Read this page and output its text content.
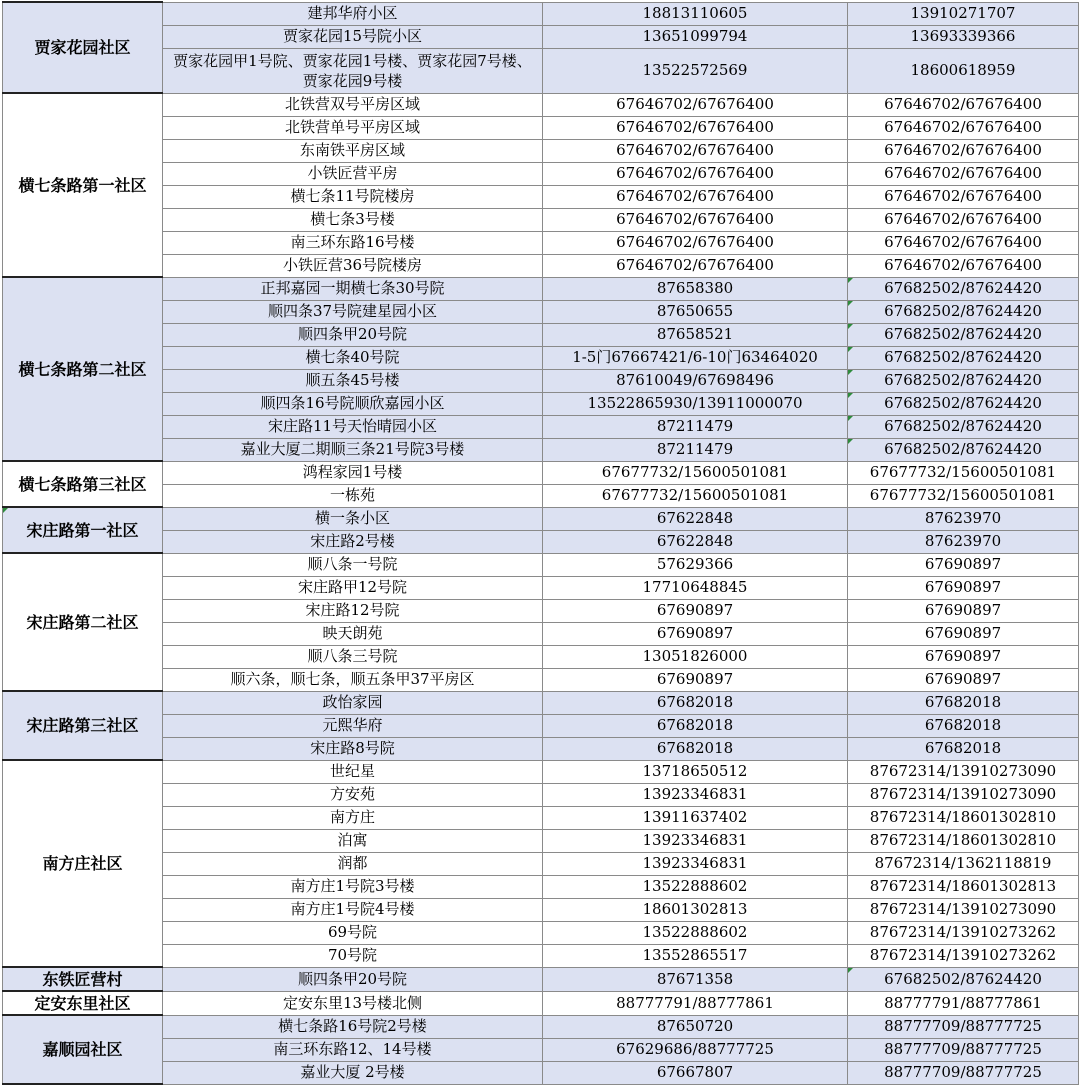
贾家花园社区	建邦华府小区	18813110605	13910271707
	贾家花园15号院小区	13651099794	13693339366
	贾家花园甲1号院、贾家花园1号楼、贾家花园7号楼、贾家花园9号楼	13522572569	18600618959
横七条路第一社区	北铁营双号平房区域	67646702/67676400	67646702/67676400
	北铁营单号平房区域	67646702/67676400	67646702/67676400
	东南铁平房区域	67646702/67676400	67646702/67676400
	小铁匠营平房	67646702/67676400	67646702/67676400
	横七条11号院楼房	67646702/67676400	67646702/67676400
	横七条3号楼	67646702/67676400	67646702/67676400
	南三环东路16号楼	67646702/67676400	67646702/67676400
	小铁匠营36号院楼房	67646702/67676400	67646702/67676400
横七条路第二社区	正邦嘉园一期横七条30号院	87658380	67682502/87624420
	顺四条37号院建星园小区	87650655	67682502/87624420
	顺四条甲20号院	87658521	67682502/87624420
	横七条40号院	1-5门67667421/6-10门63464020	67682502/87624420
	顺五条45号楼	87610049/67698496	67682502/87624420
	顺四条16号院顺欣嘉园小区	13522865930/13911000070	67682502/87624420
	宋庄路11号天怡晴园小区	87211479	67682502/87624420
	嘉业大厦二期顺三条21号院3号楼	87211479	67682502/87624420
横七条路第三社区	鸿程家园1号楼	67677732/15600501081	67677732/15600501081
	一栋苑	67677732/15600501081	67677732/15600501081
宋庄路第一社区	横一条小区	67622848	87623970
	宋庄路2号楼	67622848	87623970
宋庄路第二社区	顺八条一号院	57629366	67690897
	宋庄路甲12号院	17710648845	67690897
	宋庄路12号院	67690897	67690897
	映天朗苑	67690897	67690897
	顺八条三号院	13051826000	67690897
	顺六条，顺七条，顺五条甲37平房区	67690897	67690897
宋庄路第三社区	政怡家园	67682018	67682018
	元熙华府	67682018	67682018
	宋庄路8号院	67682018	67682018
南方庄社区	世纪星	13718650512	87672314/13910273090
	方安苑	13923346831	87672314/13910273090
	南方庄	13911637402	87672314/18601302810
	泊寓	13923346831	87672314/18601302810
	润都	13923346831	87672314/1362118819
	南方庄1号院3号楼	13522888602	87672314/18601302813
	南方庄1号院4号楼	18601302813	87672314/13910273090
	69号院	13522888602	87672314/13910273262
	70号院	13552865517	87672314/13910273262
东铁匠营村	顺四条甲20号院	87671358	67682502/87624420
定安东里社区	定安东里13号楼北侧	88777791/88777861	88777791/88777861
嘉顺园社区	横七条路16号院2号楼	87650720	88777709/88777725
	南三环东路12、14号楼	67629686/88777725	88777709/88777725
	嘉业大厦 2号楼	67667807	88777709/88777725
